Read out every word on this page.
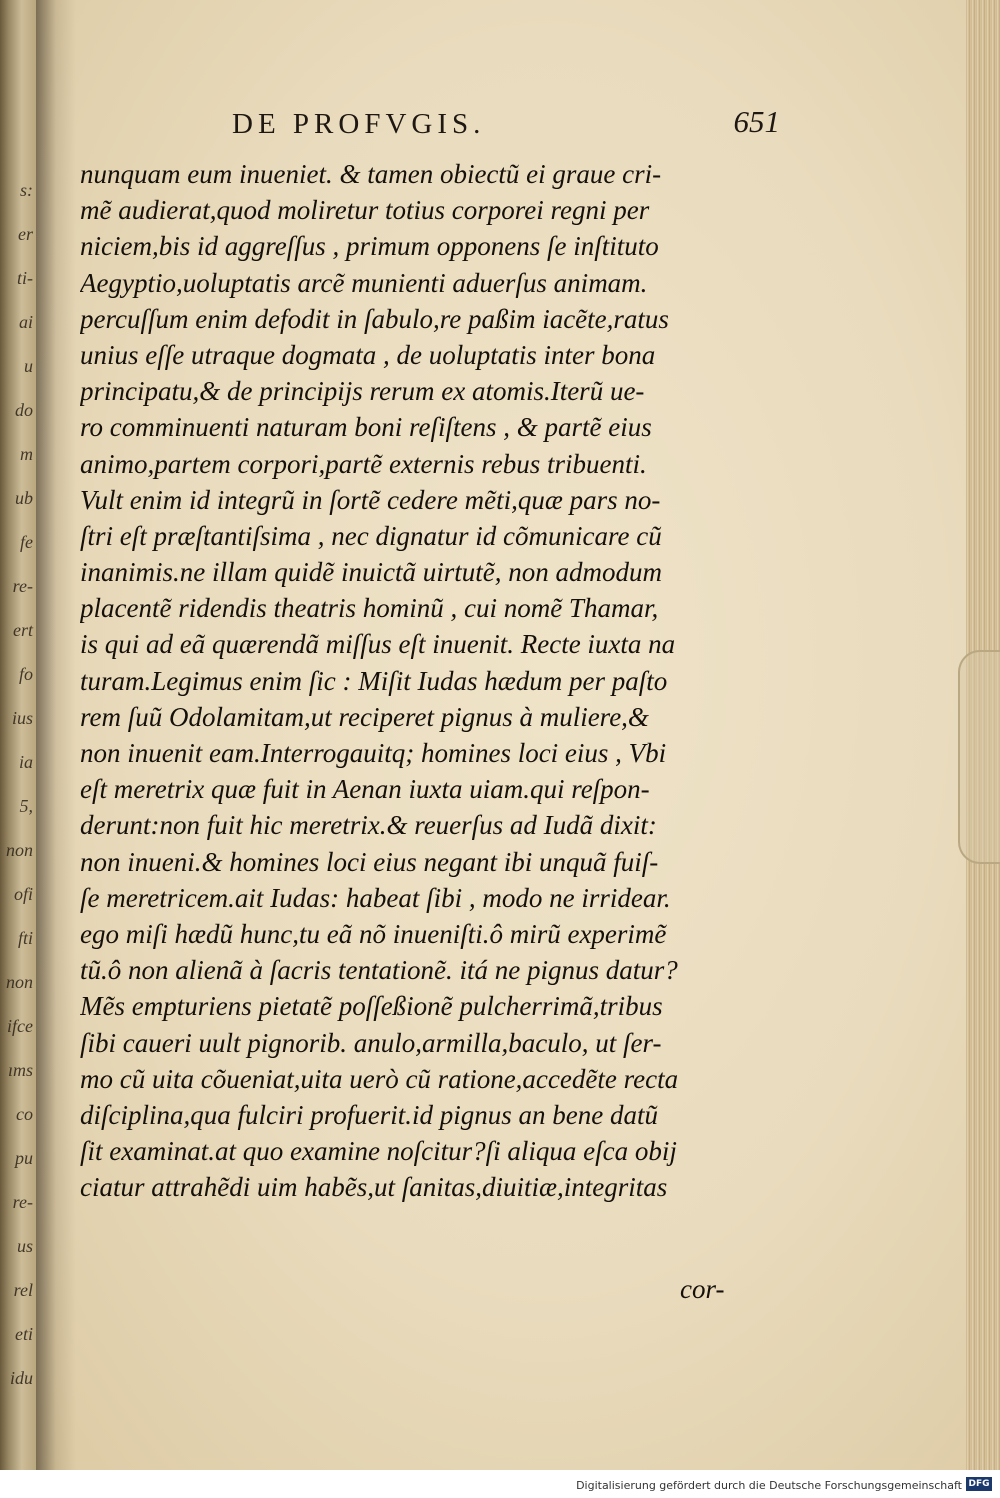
s:
er
ti-
ai
u
do
m
ub
fe
re-
ert
fo
ius
ia
5,
non
ofi
fti
non
ifce
ıms
co
pu
re-
us
rel
eti
idu
DE PROFVGIS.	651
nunquam eum inueniet. & tamen obiectũ ei graue cri-
mẽ audierat,quod moliretur totius corporei regni per
niciem,bis id aggreſſus , primum opponens ſe inſtituto
Aegyptio,uoluptatis arcẽ munienti aduerſus animam.
percuſſum enim defodit in ſabulo,re paßim iacẽte,ratus
unius eſſe utraque dogmata , de uoluptatis inter bona
principatu,& de principijs rerum ex atomis.Iterũ ue-
ro comminuenti naturam boni reſiſtens , & partẽ eius
animo,partem corpori,partẽ externis rebus tribuenti.
Vult enim id integrũ in ſortẽ cedere mẽti,quæ pars no-
ſtri eſt præſtantiſsima , nec dignatur id cõmunicare cũ
inanimis.ne illam quidẽ inuictã uirtutẽ, non admodum
placentẽ ridendis theatris hominũ , cui nomẽ Thamar,
is qui ad eã quærendã miſſus eſt inuenit. Recte iuxta na
turam.Legimus enim ſic : Miſit Iudas hædum per paſto
rem ſuũ Odolamitam,ut reciperet pignus à muliere,&
non inuenit eam.Interrogauitq; homines loci eius , Vbi
eſt meretrix quæ fuit in Aenan iuxta uiam.qui reſpon-
derunt:non fuit hic meretrix.& reuerſus ad Iudã dixit:
non inueni.& homines loci eius negant ibi unquã fuiſ-
ſe meretricem.ait Iudas: habeat ſibi , modo ne irridear.
ego miſi hædũ hunc,tu eã nõ inueniſti.ô mirũ experimẽ
tũ.ô non alienã à ſacris tentationẽ. itá ne pignus datur?
Mẽs empturiens pietatẽ poſſeßionẽ pulcherrimã,tribus
ſibi caueri uult pignorib. anulo,armilla,baculo, ut ſer-
mo cũ uita cõueniat,uita uerò cũ ratione,accedẽte recta
diſciplina,qua fulciri profuerit.id pignus an bene datũ
ſit examinat.at quo examine noſcitur?ſi aliqua eſca obij
ciatur attrahẽdi uim habẽs,ut ſanitas,diuitiæ,integritas
cor-
Digitalisierung gefördert durch die Deutsche Forschungsgemeinschaft DFG
